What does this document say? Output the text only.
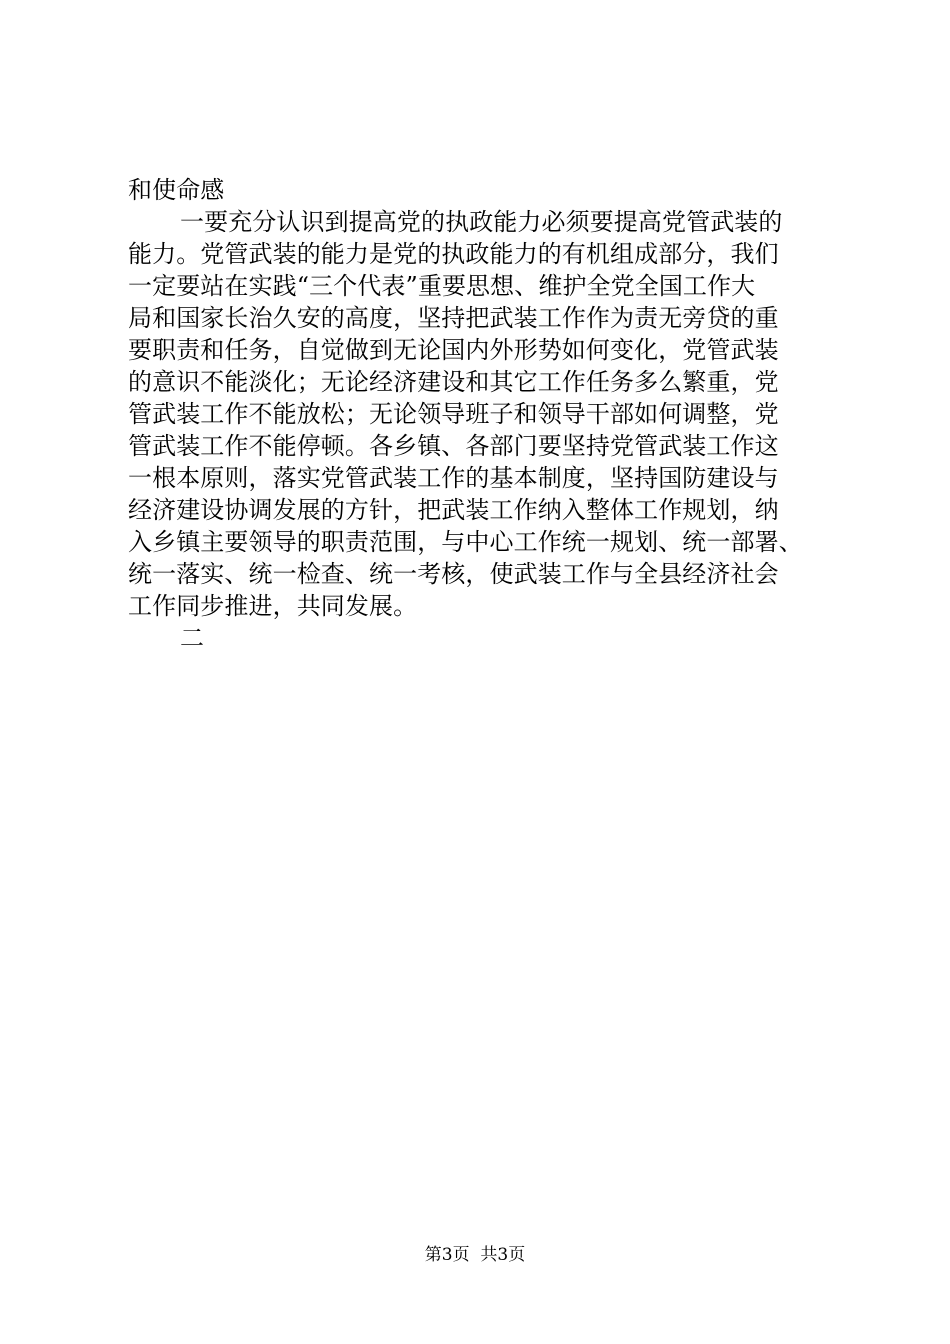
和使命感
一要充分认识到提高党的执政能力必须要提高党管武装的
能力。党管武装的能力是党的执政能力的有机组成部分，我们
一定要站在实践“三个代表”重要思想、维护全党全国工作大
局和国家长治久安的高度，坚持把武装工作作为责无旁贷的重
要职责和任务，自觉做到无论国内外形势如何变化，党管武装
的意识不能淡化；无论经济建设和其它工作任务多么繁重，党
管武装工作不能放松；无论领导班子和领导干部如何调整，党
管武装工作不能停顿。各乡镇、各部门要坚持党管武装工作这
一根本原则，落实党管武装工作的基本制度，坚持国防建设与
经济建设协调发展的方针，把武装工作纳入整体工作规划，纳
入乡镇主要领导的职责范围，与中心工作统一规划、统一部署、
统一落实、统一检查、统一考核，使武装工作与全县经济社会
工作同步推进，共同发展。
二
第3页  共3页
